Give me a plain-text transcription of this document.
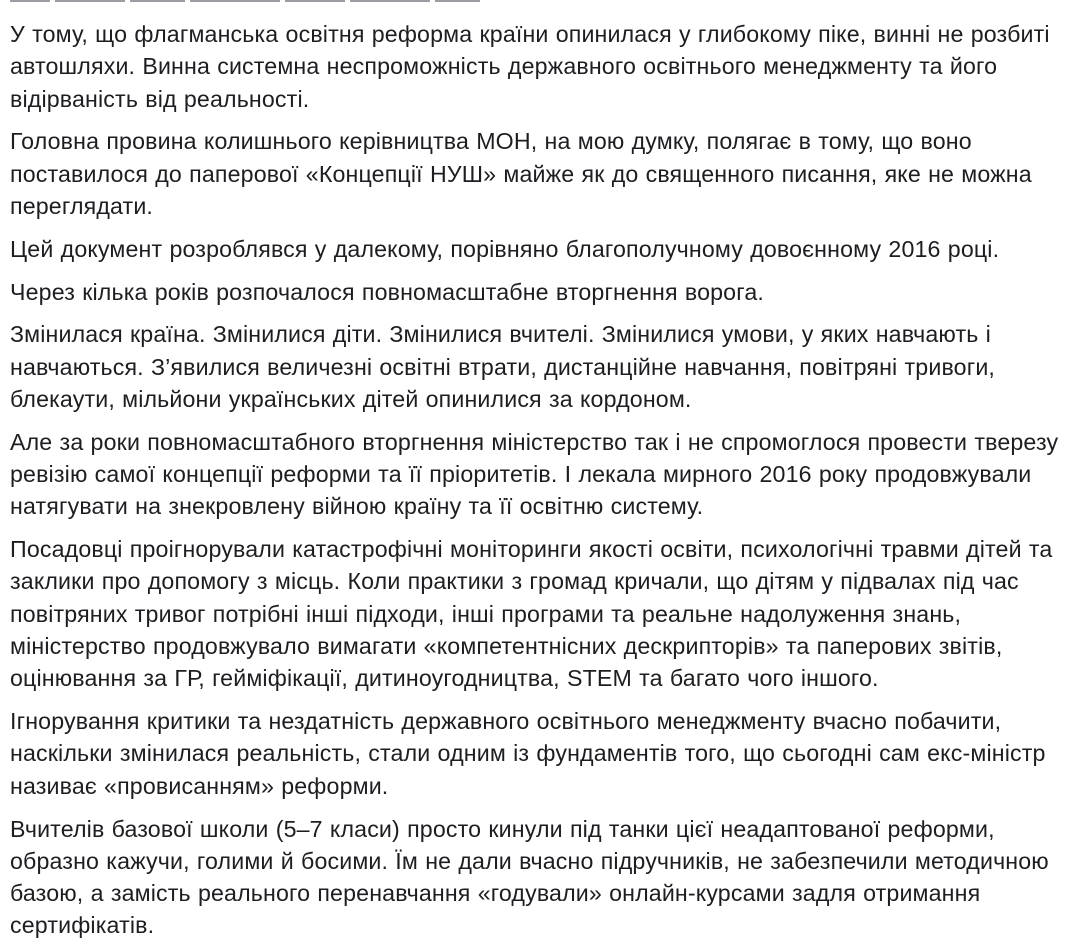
У тому, що флагманська освітня реформа країни опинилася у глибокому піке, винні не розбиті автошляхи. Винна системна неспроможність державного освітнього менеджменту та його відірваність від реальності.

Головна провина колишнього керівництва МОН, на мою думку, полягає в тому, що воно поставилося до паперової «Концепції НУШ» майже як до священного писання, яке не можна переглядати.

Цей документ розроблявся у далекому, порівняно благополучному довоєнному 2016 році.

Через кілька років розпочалося повномасштабне вторгнення ворога.

Змінилася країна. Змінилися діти. Змінилися вчителі. Змінилися умови, у яких навчають і навчаються. З’явилися величезні освітні втрати, дистанційне навчання, повітряні тривоги, блекаути, мільйони українських дітей опинилися за кордоном.

Але за роки повномасштабного вторгнення міністерство так і не спромоглося провести тверезу ревізію самої концепції реформи та її пріоритетів. І лекала мирного 2016 року продовжували натягувати на знекровлену війною країну та її освітню систему.

Посадовці проігнорували катастрофічні моніторинги якості освіти, психологічні травми дітей та заклики про допомогу з місць. Коли практики з громад кричали, що дітям у підвалах під час повітряних тривог потрібні інші підходи, інші програми та реальне надолуження знань, міністерство продовжувало вимагати «компетентнісних дескрипторів» та паперових звітів, оцінювання за ГР, гейміфікації, дитиноугодництва, STEM та багато чого іншого.

Ігнорування критики та нездатність державного освітнього менеджменту вчасно побачити, наскільки змінилася реальність, стали одним із фундаментів того, що сьогодні сам екс-міністр називає «провисанням» реформи.

Вчителів базової школи (5–7 класи) просто кинули під танки цієї неадаптованої реформи, образно кажучи, голими й босими. Їм не дали вчасно підручників, не забезпечили методичною базою, а замість реального перенавчання «годували» онлайн-курсами задля отримання сертифікатів.
